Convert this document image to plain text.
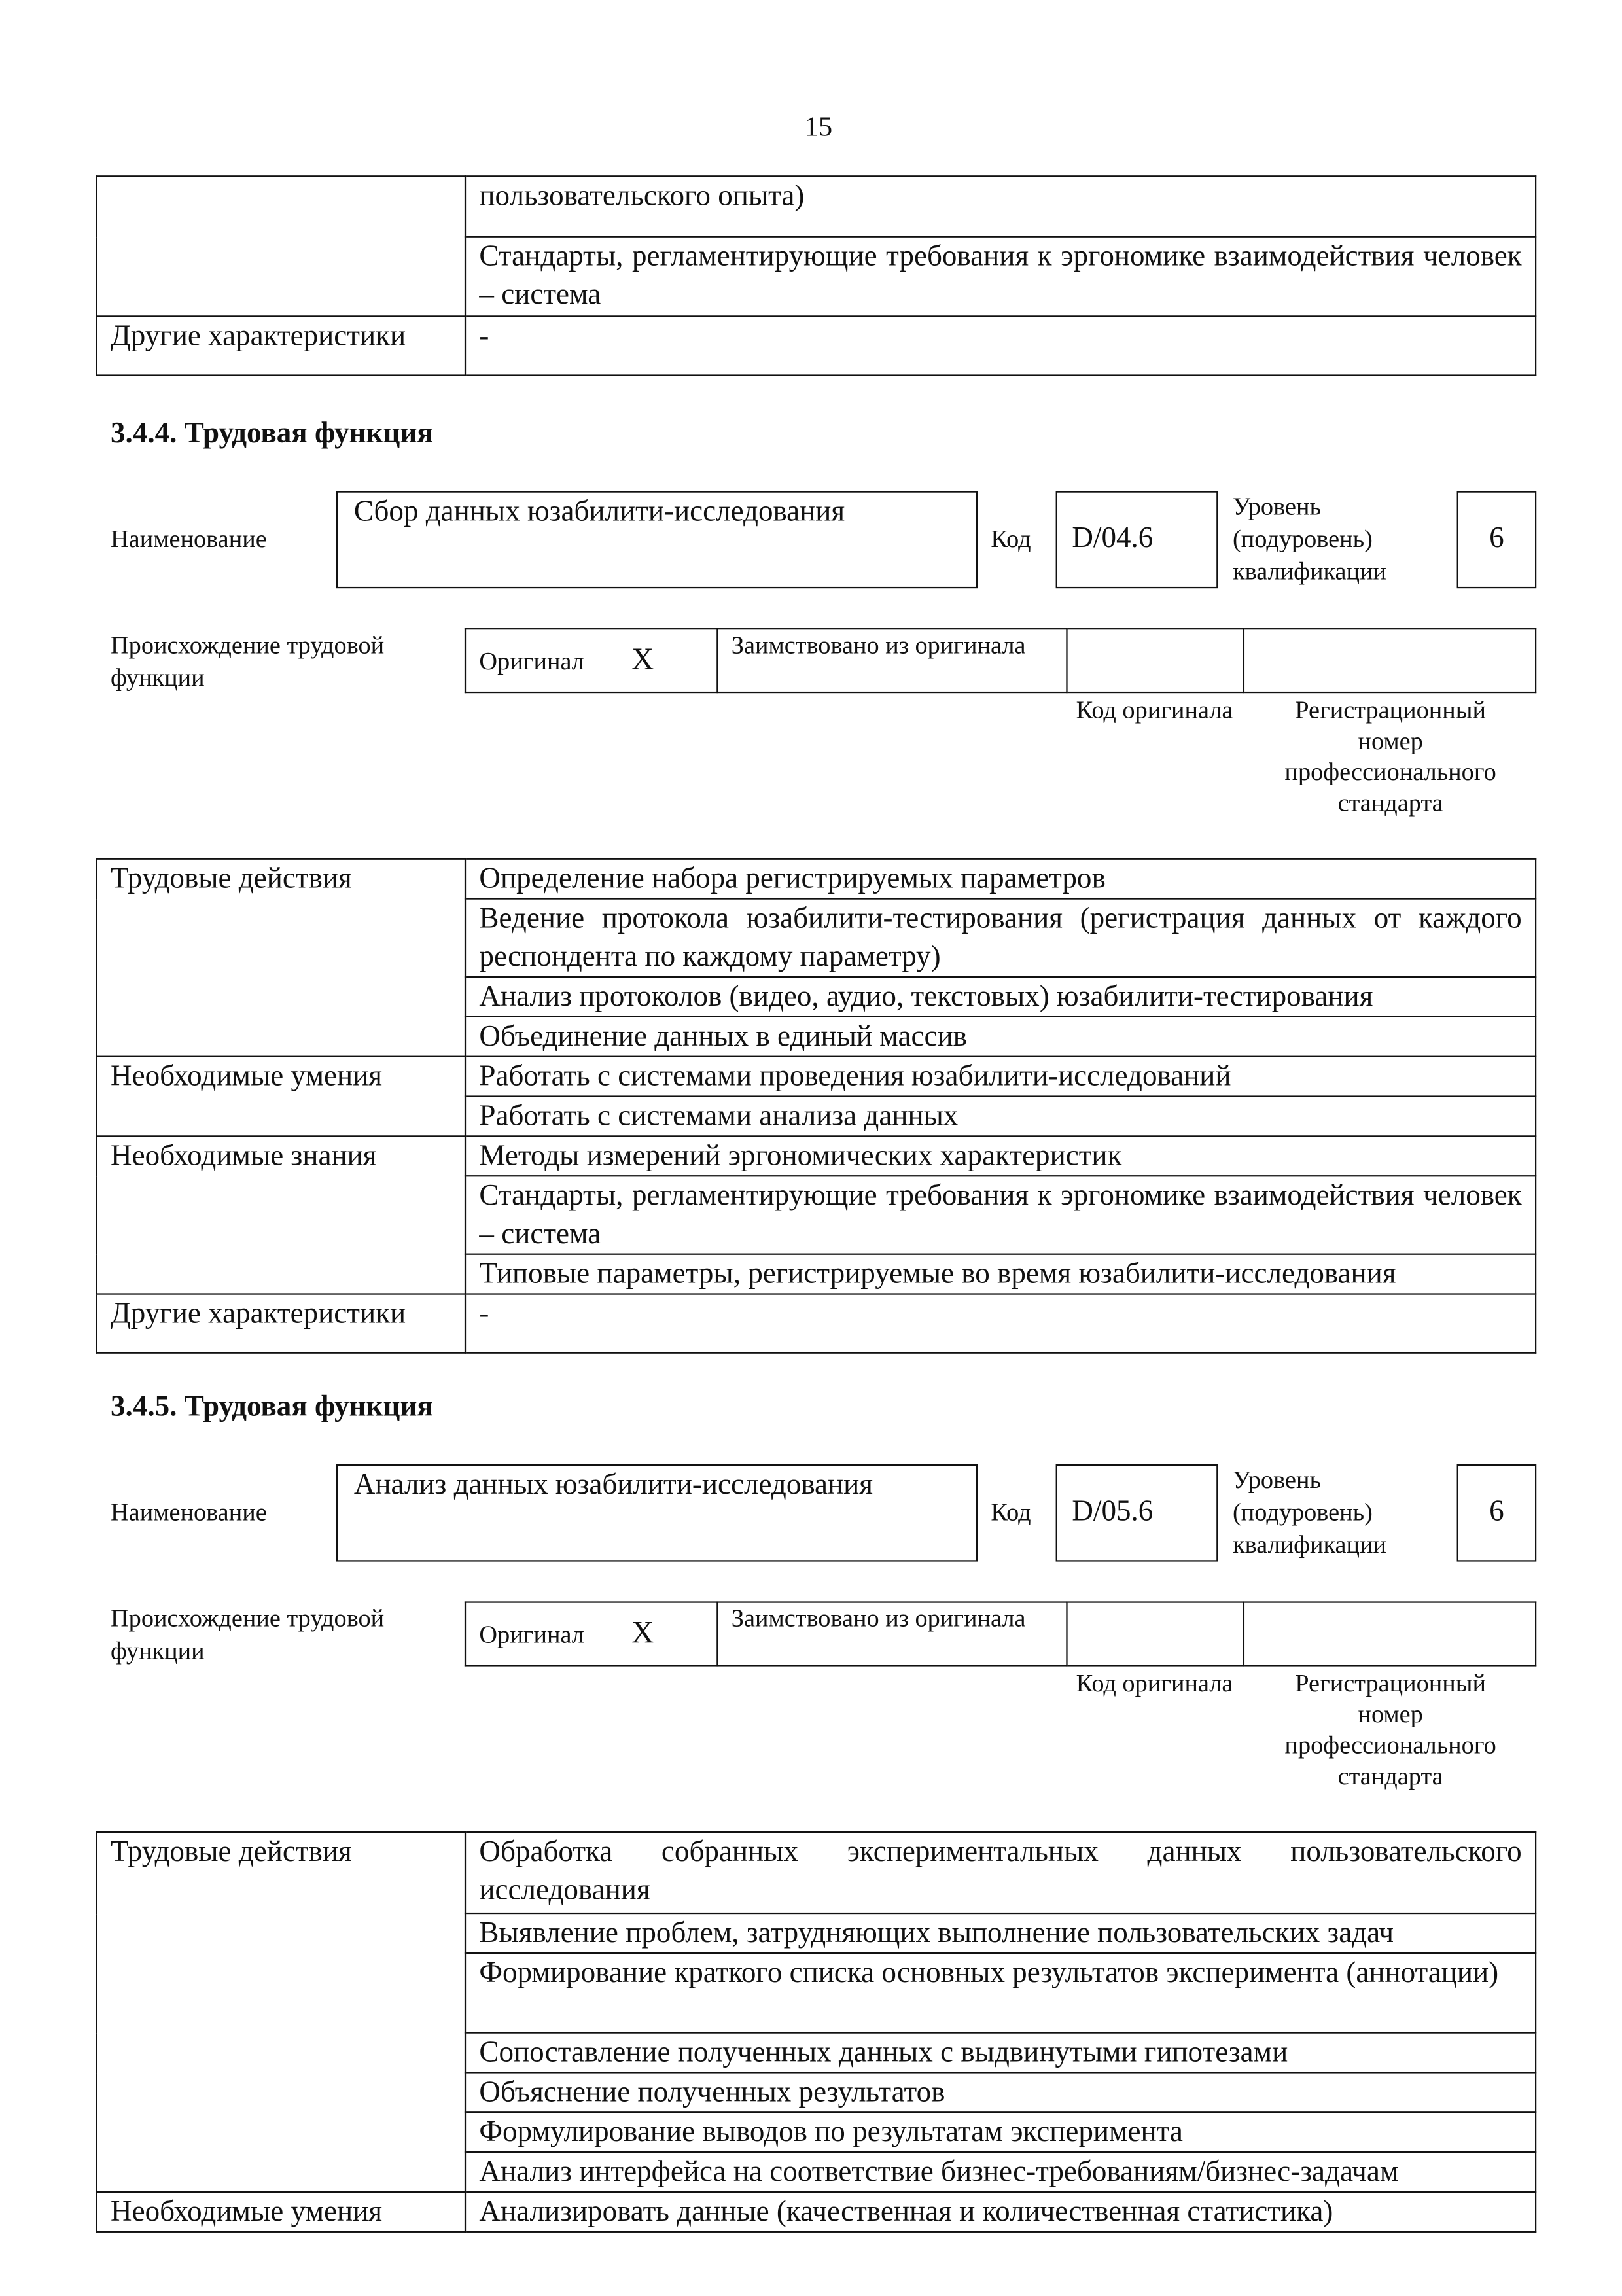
15
	пользовательского опыта)
	Стандарты, регламентирующие требования к эргономике взаимодействия человек – система
Другие характеристики	-
3.4.4. Трудовая функция
Наименование
Сбор данных юзабилити-исследования
Код	D/04.6
Уровень (подуровень) квалификации
6
Происхождение трудовой функции
Оригинал	X	Заимствовано из оригинала		
Код оригинала	Регистрационный номер профессионального стандарта
Трудовые действия	Определение набора регистрируемых параметров
	Ведение протокола юзабилити-тестирования (регистрация данных от каждого респондента по каждому параметру)
	Анализ протоколов (видео, аудио, текстовых) юзабилити-тестирования
	Объединение данных в единый массив
Необходимые умения	Работать с системами проведения юзабилити-исследований
	Работать с системами анализа данных
Необходимые знания	Методы измерений эргономических характеристик
	Стандарты, регламентирующие требования к эргономике взаимодействия человек – система
	Типовые параметры, регистрируемые во время юзабилити-исследования
Другие характеристики	-
3.4.5. Трудовая функция
Наименование
Анализ данных юзабилити-исследования
Код	D/05.6
Уровень (подуровень) квалификации
6
Происхождение трудовой функции
Оригинал	X	Заимствовано из оригинала		
Код оригинала	Регистрационный номер профессионального стандарта
Трудовые действия	Обработка собранных экспериментальных данных пользовательского исследования
	Выявление проблем, затрудняющих выполнение пользовательских задач
	Формирование краткого списка основных результатов эксперимента (аннотации)
	Сопоставление полученных данных с выдвинутыми гипотезами
	Объяснение полученных результатов
	Формулирование выводов по результатам эксперимента
	Анализ интерфейса на соответствие бизнес-требованиям/бизнес-задачам
Необходимые умения	Анализировать данные (качественная и количественная статистика)
